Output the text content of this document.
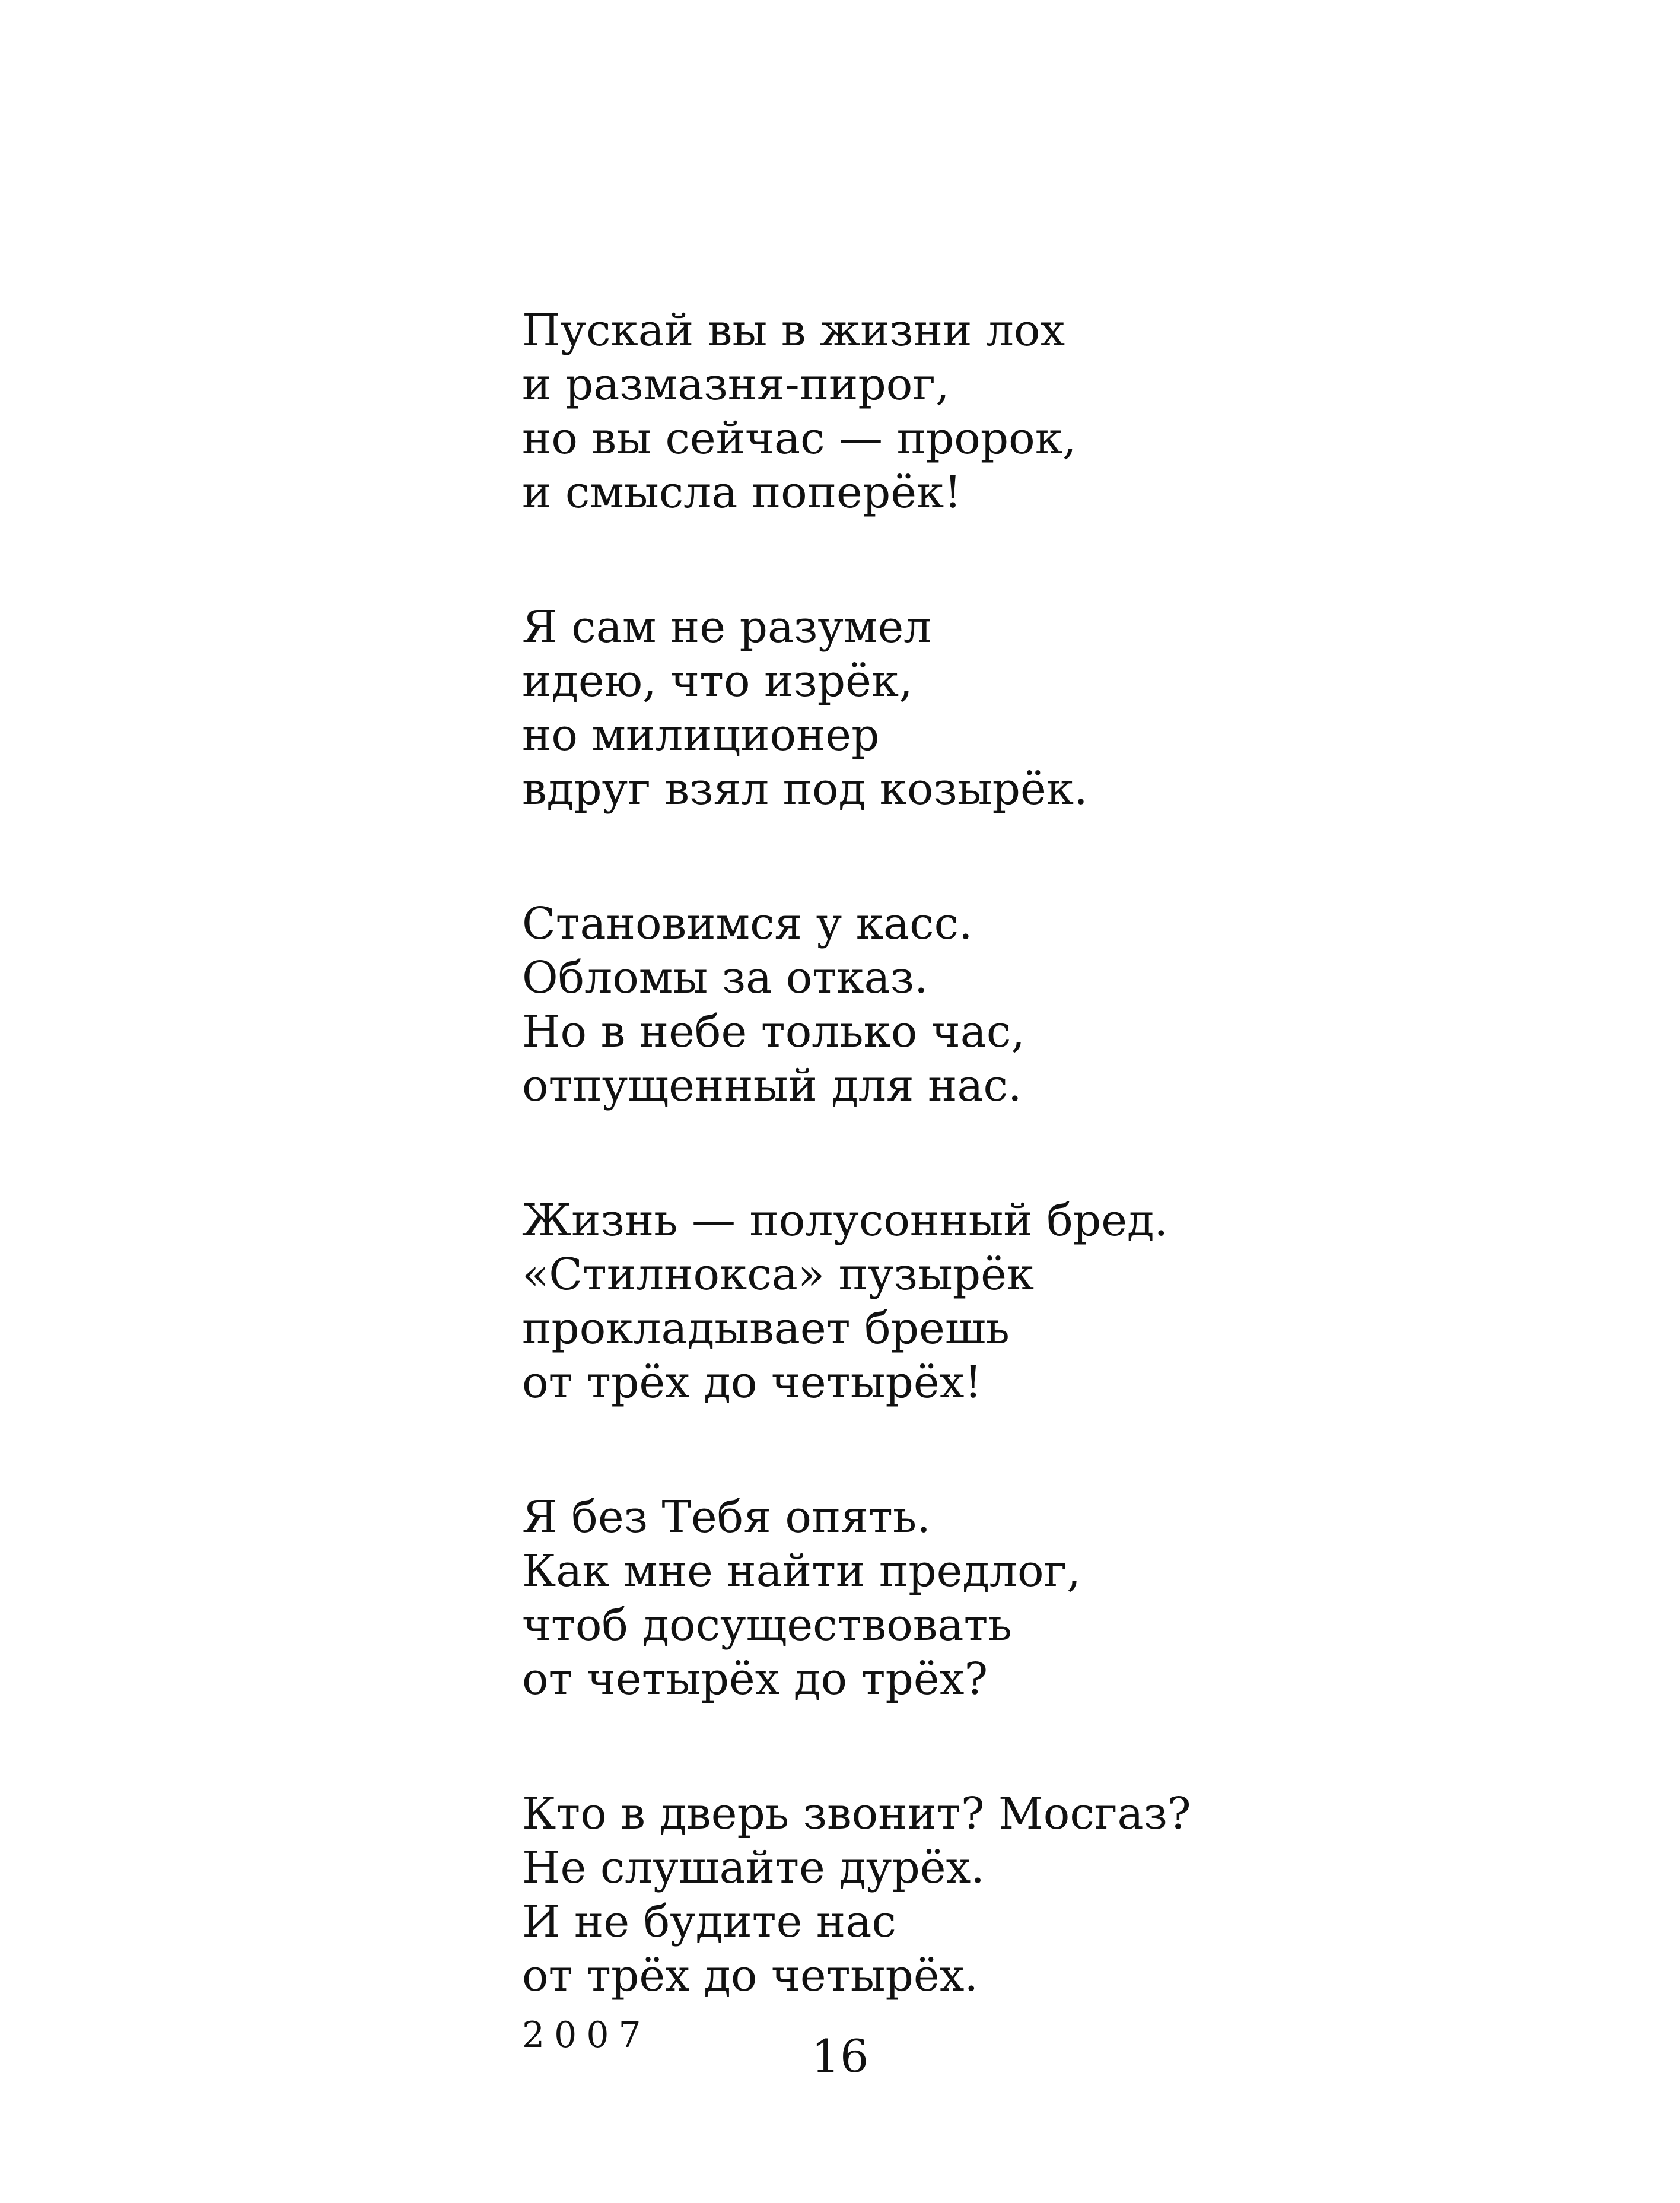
Пускай вы в жизни лох
и размазня-пирог,
но вы сейчас — пророк,
и смысла поперёк!
Я сам не разумел
идею, что изрёк,
но милиционер
вдруг взял под козырёк.
Становимся у касс.
Обломы за отказ.
Но в небе только час,
отпущенный для нас.
Жизнь — полусонный бред.
«Стилнокса» пузырёк
прокладывает брешь
от трёх до четырёх!
Я без Тебя опять.
Как мне найти предлог,
чтоб досуществовать
от четырёх до трёх?
Кто в дверь звонит? Мосгаз?
Не слушайте дурёх.
И не будите нас
от трёх до четырёх.
2007	16
